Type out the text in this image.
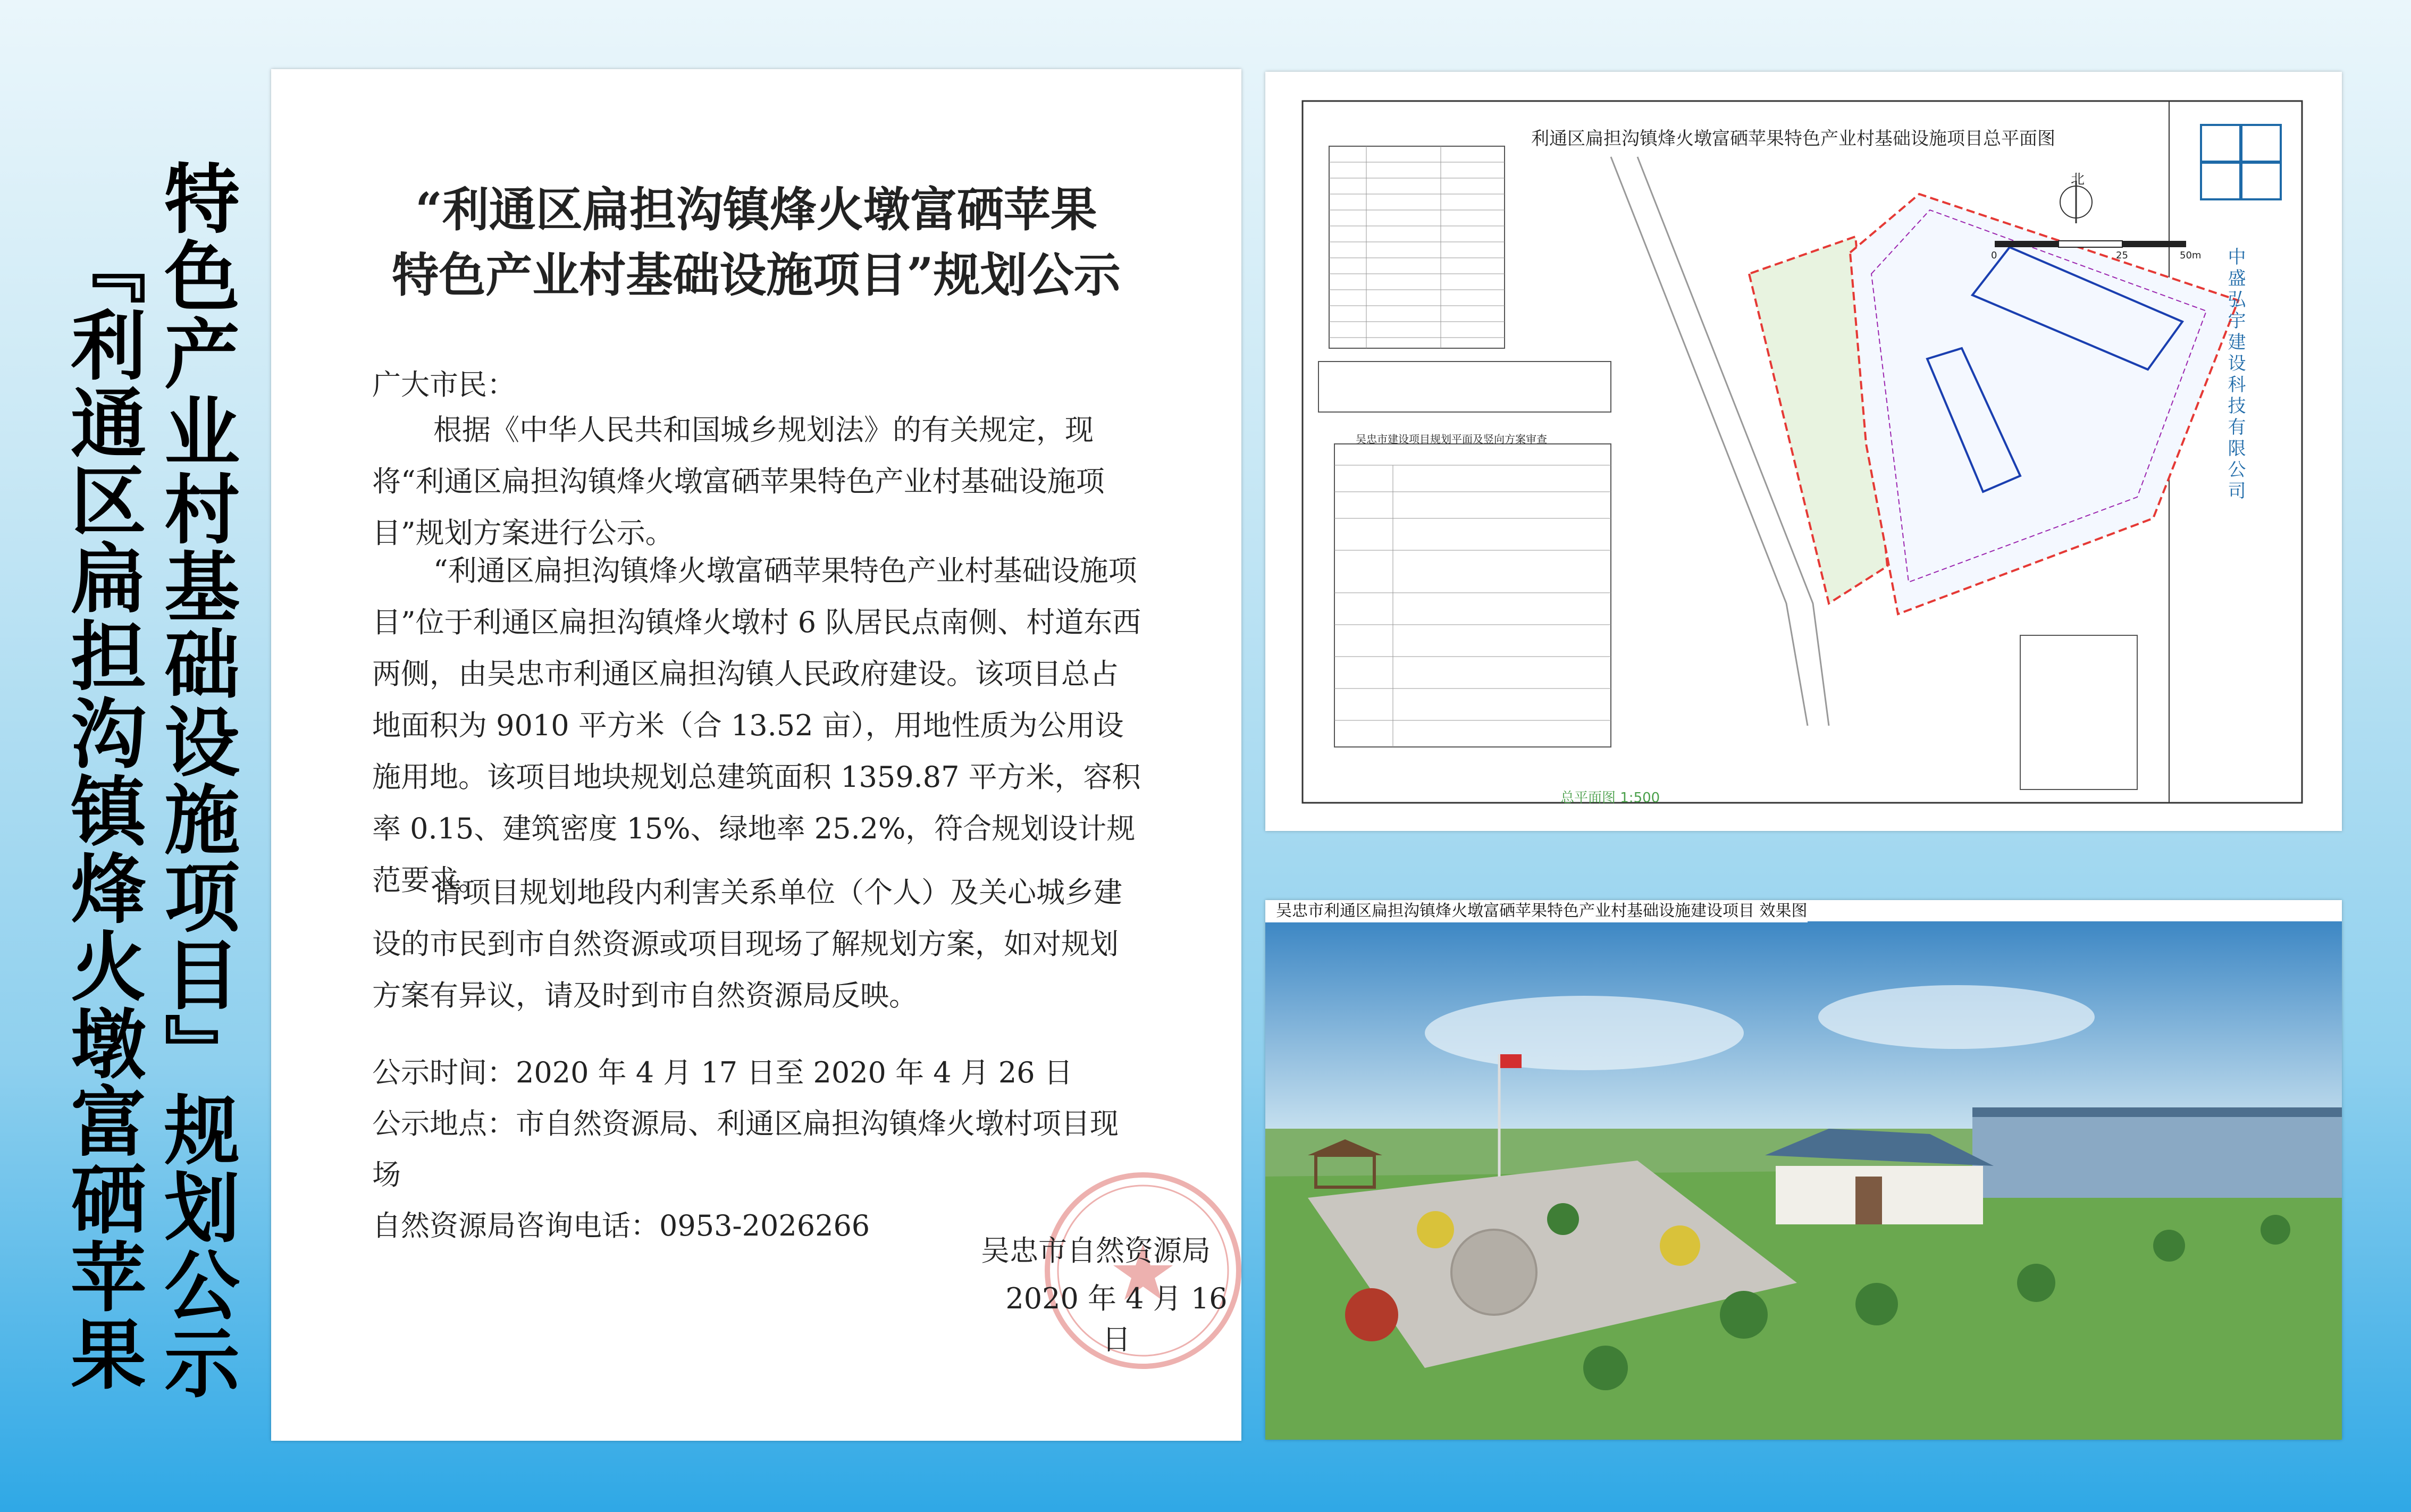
特色产业村基础设施项目』规划公示
『利通区扁担沟镇烽火墩富硒苹果
“利通区扁担沟镇烽火墩富硒苹果
特色产业村基础设施项目”规划公示
广大市民：
根据《中华人民共和国城乡规划法》的有关规定，现将“利通区扁担沟镇烽火墩富硒苹果特色产业村基础设施项目”规划方案进行公示。
“利通区扁担沟镇烽火墩富硒苹果特色产业村基础设施项目”位于利通区扁担沟镇烽火墩村 6 队居民点南侧、村道东西两侧，由吴忠市利通区扁担沟镇人民政府建设。该项目总占地面积为 9010 平方米（合 13.52 亩），用地性质为公用设施用地。该项目地块规划总建筑面积 1359.87 平方米，容积率 0.15、建筑密度 15%、绿地率 25.2%，符合规划设计规范要求。
请项目规划地段内利害关系单位（个人）及关心城乡建设的市民到市自然资源或项目现场了解规划方案，如对规划方案有异议，请及时到市自然资源局反映。

公示时间：2020 年 4 月 17 日至 2020 年 4 月 26 日

公示地点：市自然资源局、利通区扁担沟镇烽火墩村项目现场

自然资源局咨询电话：0953-2026266

吴忠市自然资源局
2020 年 4 月 16 日
利通区扁担沟镇烽火墩富硒苹果特色产业村基础设施项目总平面图
中盛弘宇建设科技有限公司
北
0	25	50m
吴忠市建设项目规划平面及竖向方案审查
总平面图 1:500
吴忠市利通区扁担沟镇烽火墩富硒苹果特色产业村基础设施建设项目 效果图
